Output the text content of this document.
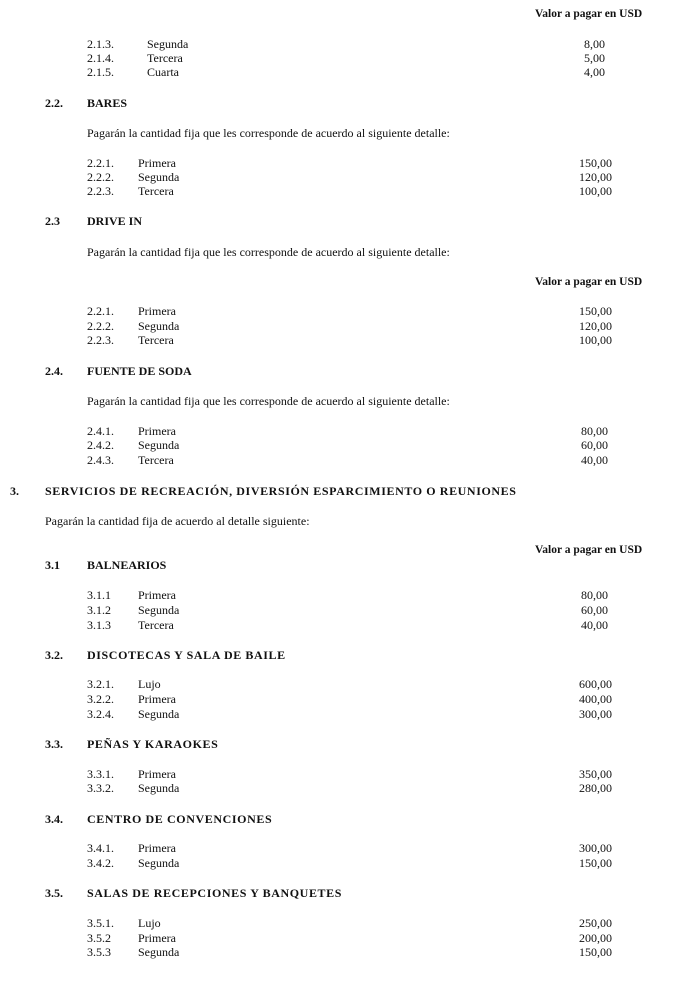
Valor a pagar en USD
2.1.3.	Segunda	8,00
2.1.4.	Tercera	5,00
2.1.5.	Cuarta	4,00
2.2. BARES
Pagarán la cantidad fija que les corresponde de acuerdo al siguiente detalle:
2.2.1.	Primera	150,00
2.2.2.	Segunda	120,00
2.2.3.	Tercera	100,00
2.3 DRIVE IN
Pagarán la cantidad fija que les corresponde de acuerdo al siguiente detalle:
Valor a pagar en USD
2.2.1.	Primera	150,00
2.2.2.	Segunda	120,00
2.2.3.	Tercera	100,00
2.4. FUENTE DE SODA
Pagarán la cantidad fija que les corresponde de acuerdo al siguiente detalle:
2.4.1.	Primera	80,00
2.4.2.	Segunda	60,00
2.4.3.	Tercera	40,00
3. SERVICIOS DE RECREACIÓN, DIVERSIÓN ESPARCIMIENTO O REUNIONES
Pagarán la cantidad fija de acuerdo al detalle siguiente:
Valor a pagar en USD
3.1 BALNEARIOS
3.1.1	Primera	80,00
3.1.2	Segunda	60,00
3.1.3	Tercera	40,00
3.2. DISCOTECAS Y SALA DE BAILE
3.2.1.	Lujo	600,00
3.2.2.	Primera	400,00
3.2.4.	Segunda	300,00
3.3. PEÑAS Y KARAOKES
3.3.1.	Primera	350,00
3.3.2.	Segunda	280,00
3.4. CENTRO DE CONVENCIONES
3.4.1.	Primera	300,00
3.4.2.	Segunda	150,00
3.5. SALAS DE RECEPCIONES Y BANQUETES
3.5.1.	Lujo	250,00
3.5.2	Primera	200,00
3.5.3	Segunda	150,00
